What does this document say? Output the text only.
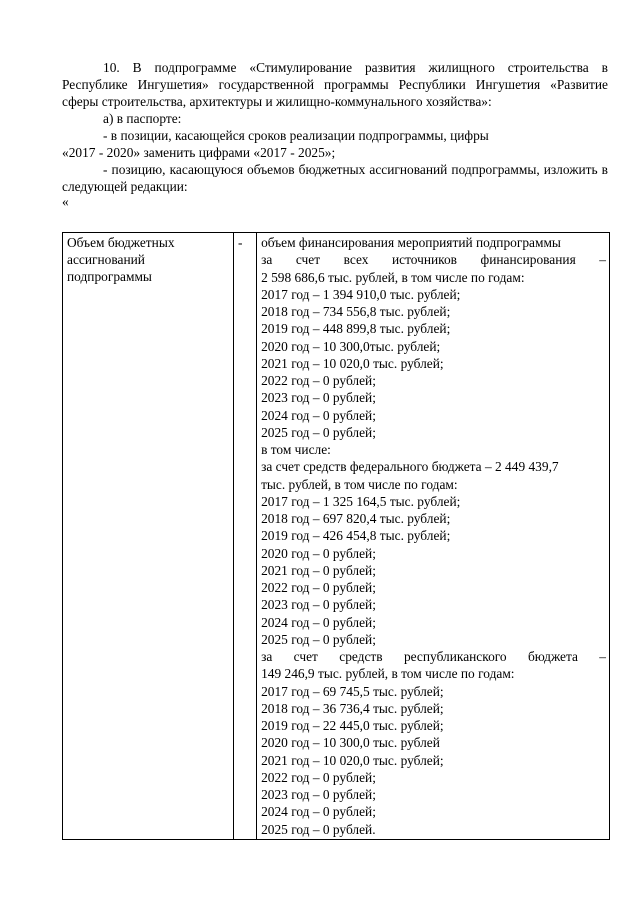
10. В подпрограмме «Стимулирование развития жилищного строительства в Республике Ингушетия» государственной программы Республики Ингушетия «Развитие сферы строительства, архитектуры и жилищно-коммунального хозяйства»:

а) в паспорте:

- в позиции, касающейся сроков реализации подпрограммы, цифры

«2017 - 2020» заменить цифрами «2017 - 2025»;

- позицию, касающуюся объемов бюджетных ассигнований подпрограммы, изложить в следующей редакции:

«

Объем бюджетных ассигнований подпрограммы	-	объем финансирования мероприятий подпрограммы
за счет всех источников финансирования –
2 598 686,6 тыс. рублей, в том числе по годам:
2017 год – 1 394 910,0 тыс. рублей;
2018 год – 734 556,8 тыс. рублей;
2019 год – 448 899,8 тыс. рублей;
2020 год – 10 300,0тыс. рублей;
2021 год – 10 020,0 тыс. рублей;
2022 год – 0 рублей;
2023 год – 0 рублей;
2024 год – 0 рублей;
2025 год – 0 рублей;
в том числе:
за счет средств федерального бюджета – 2 449 439,7
тыс. рублей, в том числе по годам:
2017 год – 1 325 164,5 тыс. рублей;
2018 год – 697 820,4 тыс. рублей;
2019 год – 426 454,8 тыс. рублей;
2020 год – 0 рублей;
2021 год – 0 рублей;
2022 год – 0 рублей;
2023 год – 0 рублей;
2024 год – 0 рублей;
2025 год – 0 рублей;
за счет средств республиканского бюджета –
149 246,9 тыс. рублей, в том числе по годам:
2017 год – 69 745,5 тыс. рублей;
2018 год – 36 736,4 тыс. рублей;
2019 год – 22 445,0 тыс. рублей;
2020 год – 10 300,0 тыс. рублей
2021 год – 10 020,0 тыс. рублей;
2022 год – 0 рублей;
2023 год – 0 рублей;
2024 год – 0 рублей;
2025 год – 0 рублей.
